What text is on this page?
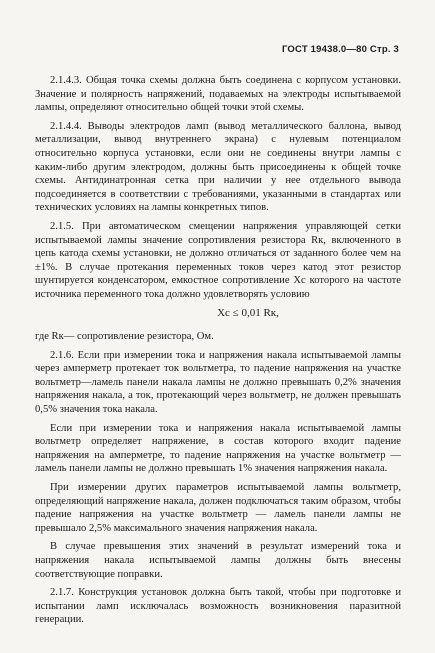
ГОСТ 19438.0—80 Стр. 3

2.1.4.3. Общая точка схемы должна быть соединена с корпусом установки. Значение и полярность напряжений, подаваемых на электроды испытываемой лампы, определяют относительно общей точки этой схемы.

2.1.4.4. Выводы электродов ламп (вывод металлического баллона, вывод металлизации, вывод внутреннего экрана) с нулевым потенциалом относительно корпуса установки, если они не соединены внутри лампы с каким-либо другим электродом, должны быть присоединены к общей точке схемы. Антидинатронная сетка при наличии у нее отдельного вывода подсоединяется в соответствии с требованиями, указанными в стандартах или технических условиях на лампы конкретных типов.

2.1.5. При автоматическом смещении напряжения управляющей сетки испытываемой лампы значение сопротивления резистора Rк, включенного в цепь катода схемы установки, не должно отличаться от заданного более чем на ±1%. В случае протекания переменных токов через катод этот резистор шунтируется конденсатором, емкостное сопротивление Xc которого на частоте источника переменного тока должно удовлетворять условию

Xc ≤ 0,01 Rк,

где Rк— сопротивление резистора, Ом.

2.1.6. Если при измерении тока и напряжения накала испытываемой лампы через амперметр протекает ток вольтметра, то падение напряжения на участке вольтметр—ламель панели накала лампы не должно превышать 0,2% значения напряжения накала, а ток, протекающий через вольтметр, не должен превышать 0,5% значения тока накала.

Если при измерении тока и напряжения накала испытываемой лампы вольтметр определяет напряжение, в состав которого входит падение напряжения на амперметре, то падение напряжения на участке вольтметр — ламель панели лампы не должно превышать 1% значения напряжения накала.

При измерении других параметров испытываемой лампы вольтметр, определяющий напряжение накала, должен подключаться таким образом, чтобы падение напряжения на участке вольтметр — ламель панели лампы не превышало 2,5% максимального значения напряжения накала.

В случае превышения этих значений в результат измерений тока и напряжения накала испытываемой лампы должны быть внесены соответствующие поправки.

2.1.7. Конструкция установок должна быть такой, чтобы при подготовке и испытании ламп исключалась возможность возникновения паразитной генерации.
